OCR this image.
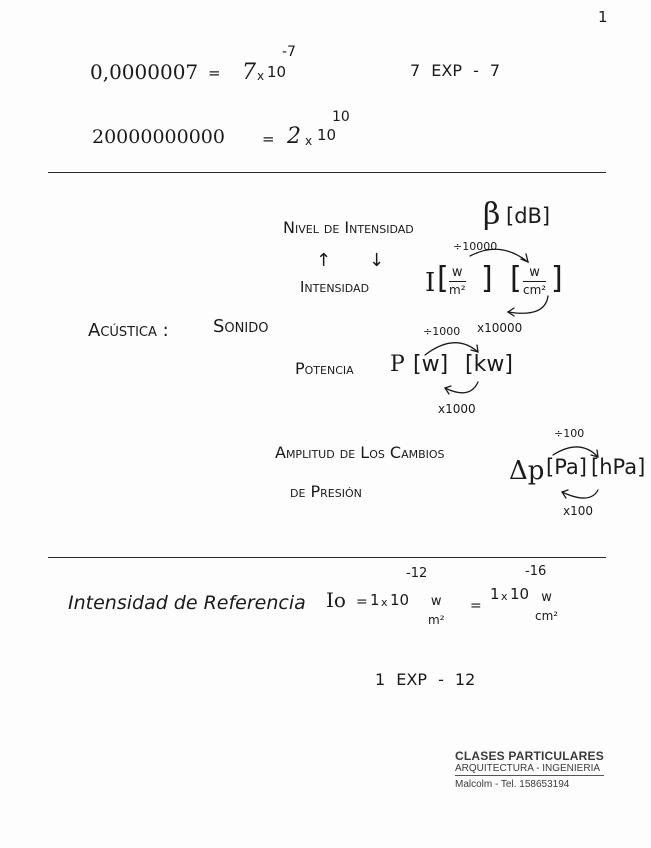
1
0,0000007 = 7 x 10
-7
7 EXP - 7
20000000000 = 2 x 10
10
Nivel de Intensidad β [dB]
÷10000
↑ ↓
Intensidad I [ w
m² ] [ w
cm² ]
Acústica : Sonido	÷1000 x10000
Potencia P [w] [kw]
x1000
÷100
Amplitud de Los Cambios
de Presión
Δp [Pa] [hPa]
x100
Intensidad de Referencia Io = 1 x 10
-12
w
m²
=
1 x 10
-16
w
cm²
1 EXP - 12
CLASES PARTICULARES
ARQUITECTURA - INGENIERIA
Malcolm - Tel. 158653194
